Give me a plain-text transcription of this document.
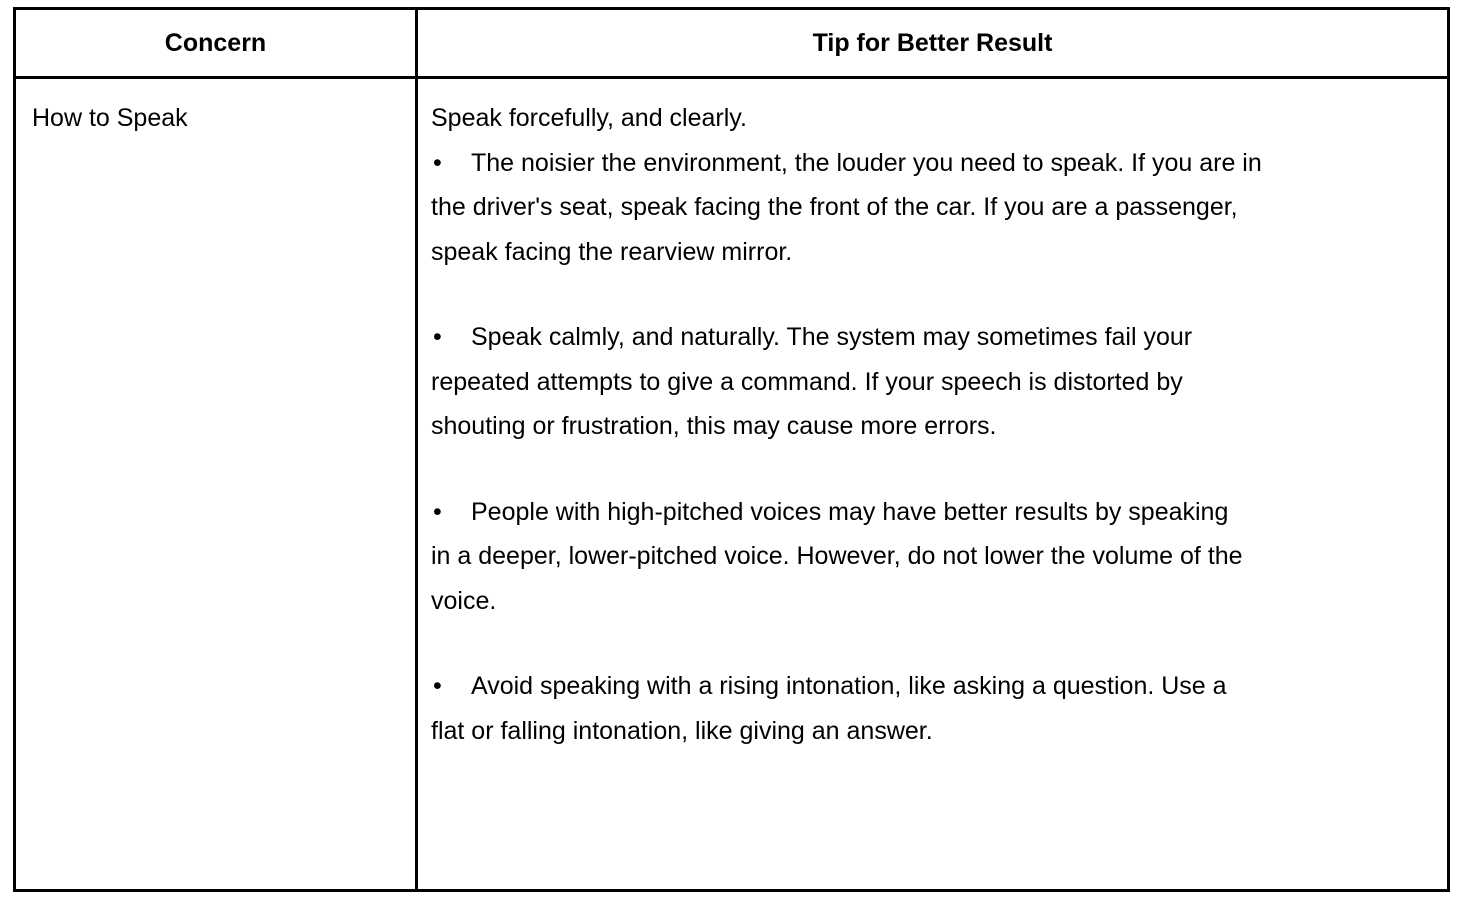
Concern	Tip for Better Result
How to Speak	Speak forcefully, and clearly.

• The noisier the environment, the louder you need to speak. If you are in
the driver's seat, speak facing the front of the car. If you are a passenger,
speak facing the rearview mirror.

• Speak calmly, and naturally. The system may sometimes fail your
repeated attempts to give a command. If your speech is distorted by
shouting or frustration, this may cause more errors.

• People with high-pitched voices may have better results by speaking
in a deeper, lower-pitched voice. However, do not lower the volume of the
voice.

• Avoid speaking with a rising intonation, like asking a question. Use a
flat or falling intonation, like giving an answer.
